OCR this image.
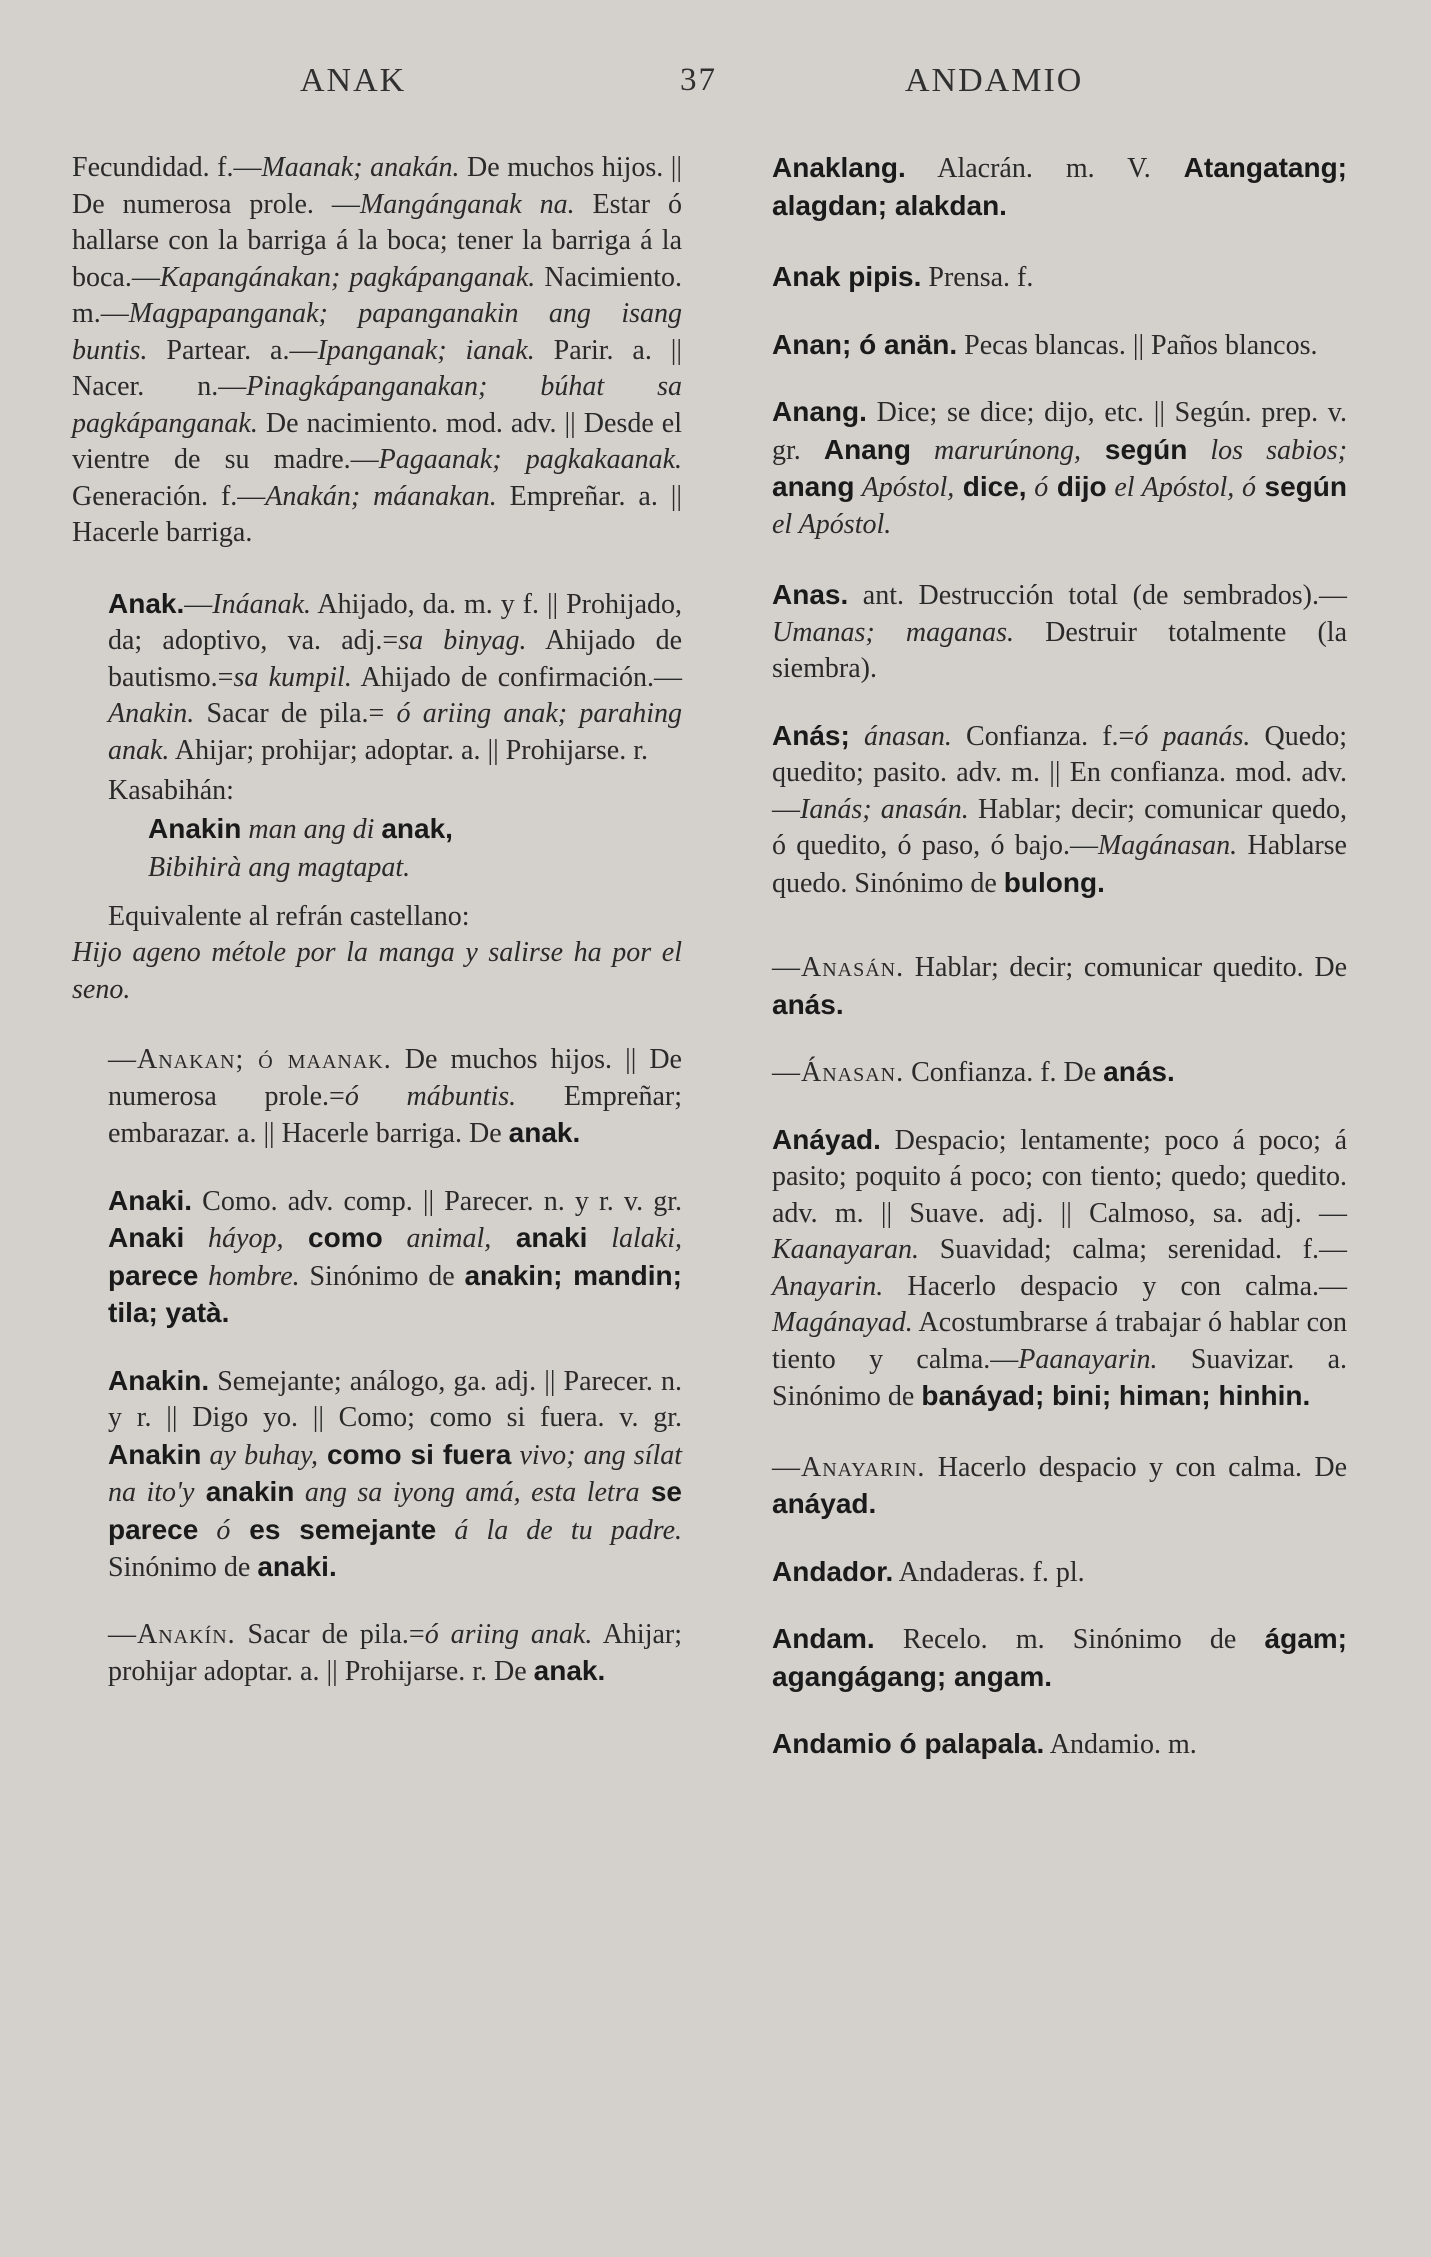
ANAK	37	ANDAMIO

Fecundidad. f.—Maanak; anakán. De muchos hijos. || De numerosa prole. —Mangánganak na. Estar ó hallarse con la barriga á la boca; tener la barriga á la boca.—Kapangánakan; pagkápanganak. Nacimiento. m.—Magpapanganak; papanganakin ang isang buntis. Partear. a.—Ipanganak; ianak. Parir. a. || Nacer. n.—Pinagkápanganakan; búhat sa pagkápanganak. De nacimiento. mod. adv. || Desde el vientre de su madre.—Pagaanak; pagkakaanak. Generación. f.—Anakán; máanakan. Empreñar. a. || Hacerle barriga.

Anak.—Ináanak. Ahijado, da. m. y f. || Prohijado, da; adoptivo, va. adj.=sa binyag. Ahijado de bautismo.=sa kumpil. Ahijado de confirmación.—Anakin. Sacar de pila.= ó ariing anak; parahing anak. Ahijar; prohijar; adoptar. a. || Prohijarse. r.

Kasabihán:

Anakin man ang di anak,

Bibihirà ang magtapat.

Equivalente al refrán castellano:

Hijo ageno métole por la manga y salirse ha por el seno.

—Anakan; ó maanak. De muchos hijos. || De numerosa prole.=ó mábuntis. Empreñar; embarazar. a. || Hacerle barriga. De anak.

Anaki. Como. adv. comp. || Parecer. n. y r. v. gr. Anaki háyop, como animal, anaki lalaki, parece hombre. Sinónimo de anakin; mandin; tila; yatà.

Anakin. Semejante; análogo, ga. adj. || Parecer. n. y r. || Digo yo. || Como; como si fuera. v. gr. Anakin ay buhay, como si fuera vivo; ang sílat na ito'y anakin ang sa iyong amá, esta letra se parece ó es semejante á la de tu padre. Sinónimo de anaki.

—Anakín. Sacar de pila.=ó ariing anak. Ahijar; prohijar adoptar. a. || Prohijarse. r. De anak.

Anaklang. Alacrán. m. V. Atangatang; alagdan; alakdan.

Anak pipis. Prensa. f.

Anan; ó anän. Pecas blancas. || Paños blancos.

Anang. Dice; se dice; dijo, etc. || Según. prep. v. gr. Anang marurúnong, según los sabios; anang Apóstol, dice, ó dijo el Apóstol, ó según el Apóstol.

Anas. ant. Destrucción total (de sembrados).—Umanas; maganas. Destruir totalmente (la siembra).

Anás; ánasan. Confianza. f.=ó paanás. Quedo; quedito; pasito. adv. m. || En confianza. mod. adv.—Ianás; anasán. Hablar; decir; comunicar quedo, ó quedito, ó paso, ó bajo.—Magánasan. Hablarse quedo. Sinónimo de bulong.

—Anasán. Hablar; decir; comunicar quedito. De anás.

—Ánasan. Confianza. f. De anás.

Anáyad. Despacio; lentamente; poco á poco; á pasito; poquito á poco; con tiento; quedo; quedito. adv. m. || Suave. adj. || Calmoso, sa. adj. —Kaanayaran. Suavidad; calma; serenidad. f.—Anayarin. Hacerlo despacio y con calma.—Magánayad. Acostumbrarse á trabajar ó hablar con tiento y calma.—Paanayarin. Suavizar. a. Sinónimo de banáyad; bini; himan; hinhin.

—Anayarin. Hacerlo despacio y con calma. De anáyad.

Andador. Andaderas. f. pl.

Andam. Recelo. m. Sinónimo de ágam; agangágang; angam.

Andamio ó palapala. Andamio. m.
